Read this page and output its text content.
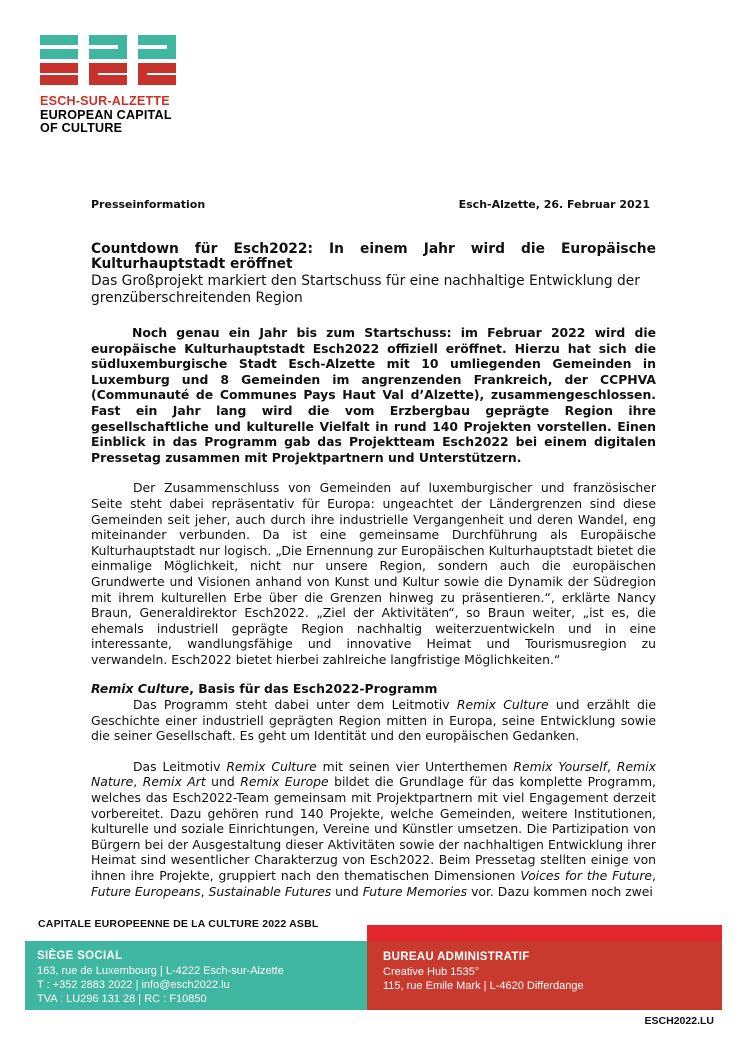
ESCH-SUR-ALZETTE
EUROPEAN CAPITAL
OF CULTURE
Presseinformation	Esch-Alzette, 26. Februar 2021
Countdown für Esch2022: In einem Jahr wird die Europäische Kulturhauptstadt eröffnet
Das Großprojekt markiert den Startschuss für eine nachhaltige Entwicklung der grenzüberschreitenden Region
Noch genau ein Jahr bis zum Startschuss: im Februar 2022 wird die europäische Kulturhauptstadt Esch2022 offiziell eröffnet. Hierzu hat sich die südluxemburgische Stadt Esch-Alzette mit 10 umliegenden Gemeinden in Luxemburg und 8 Gemeinden im angrenzenden Frankreich, der CCPHVA (Communauté de Communes Pays Haut Val d’Alzette), zusammengeschlossen. Fast ein Jahr lang wird die vom Erzbergbau geprägte Region ihre gesellschaftliche und kulturelle Vielfalt in rund 140 Projekten vorstellen. Einen Einblick in das Programm gab das Projektteam Esch2022 bei einem digitalen Pressetag zusammen mit Projektpartnern und Unterstützern.
Der Zusammenschluss von Gemeinden auf luxemburgischer und französischer Seite steht dabei repräsentativ für Europa: ungeachtet der Ländergrenzen sind diese Gemeinden seit jeher, auch durch ihre industrielle Vergangenheit und deren Wandel, eng miteinander verbunden. Da ist eine gemeinsame Durchführung als Europäische Kulturhauptstadt nur logisch. „Die Ernennung zur Europäischen Kulturhauptstadt bietet die einmalige Möglichkeit, nicht nur unsere Region, sondern auch die europäischen Grundwerte und Visionen anhand von Kunst und Kultur sowie die Dynamik der Südregion mit ihrem kulturellen Erbe über die Grenzen hinweg zu präsentieren.“, erklärte Nancy Braun, Generaldirektor Esch2022. „Ziel der Aktivitäten“, so Braun weiter, „ist es, die ehemals industriell geprägte Region nachhaltig weiterzuentwickeln und in eine interessante, wandlungsfähige und innovative Heimat und Tourismusregion zu verwandeln. Esch2022 bietet hierbei zahlreiche langfristige Möglichkeiten.“
Remix Culture, Basis für das Esch2022-Programm
Das Programm steht dabei unter dem Leitmotiv Remix Culture und erzählt die Geschichte einer industriell geprägten Region mitten in Europa, seine Entwicklung sowie die seiner Gesellschaft. Es geht um Identität und den europäischen Gedanken.
Das Leitmotiv Remix Culture mit seinen vier Unterthemen Remix Yourself, Remix Nature, Remix Art und Remix Europe bildet die Grundlage für das komplette Programm, welches das Esch2022-Team gemeinsam mit Projektpartnern mit viel Engagement derzeit vorbereitet. Dazu gehören rund 140 Projekte, welche Gemeinden, weitere Institutionen, kulturelle und soziale Einrichtungen, Vereine und Künstler umsetzen. Die Partizipation von Bürgern bei der Ausgestaltung dieser Aktivitäten sowie der nachhaltigen Entwicklung ihrer Heimat sind wesentlicher Charakterzug von Esch2022. Beim Pressetag stellten einige von ihnen ihre Projekte, gruppiert nach den thematischen Dimensionen Voices for the Future, Future Europeans, Sustainable Futures und Future Memories vor. Dazu kommen noch zwei
CAPITALE EUROPEENNE DE LA CULTURE 2022 ASBL
SIÈGE SOCIAL
163, rue de Luxembourg | L-4222 Esch-sur-Alzette
T : +352 2883 2022 | info@esch2022.lu
TVA : LU296 131 28 | RC : F10850
BUREAU ADMINISTRATIF
Creative Hub 1535°
115, rue Emile Mark | L-4620 Differdange
ESCH2022.LU
